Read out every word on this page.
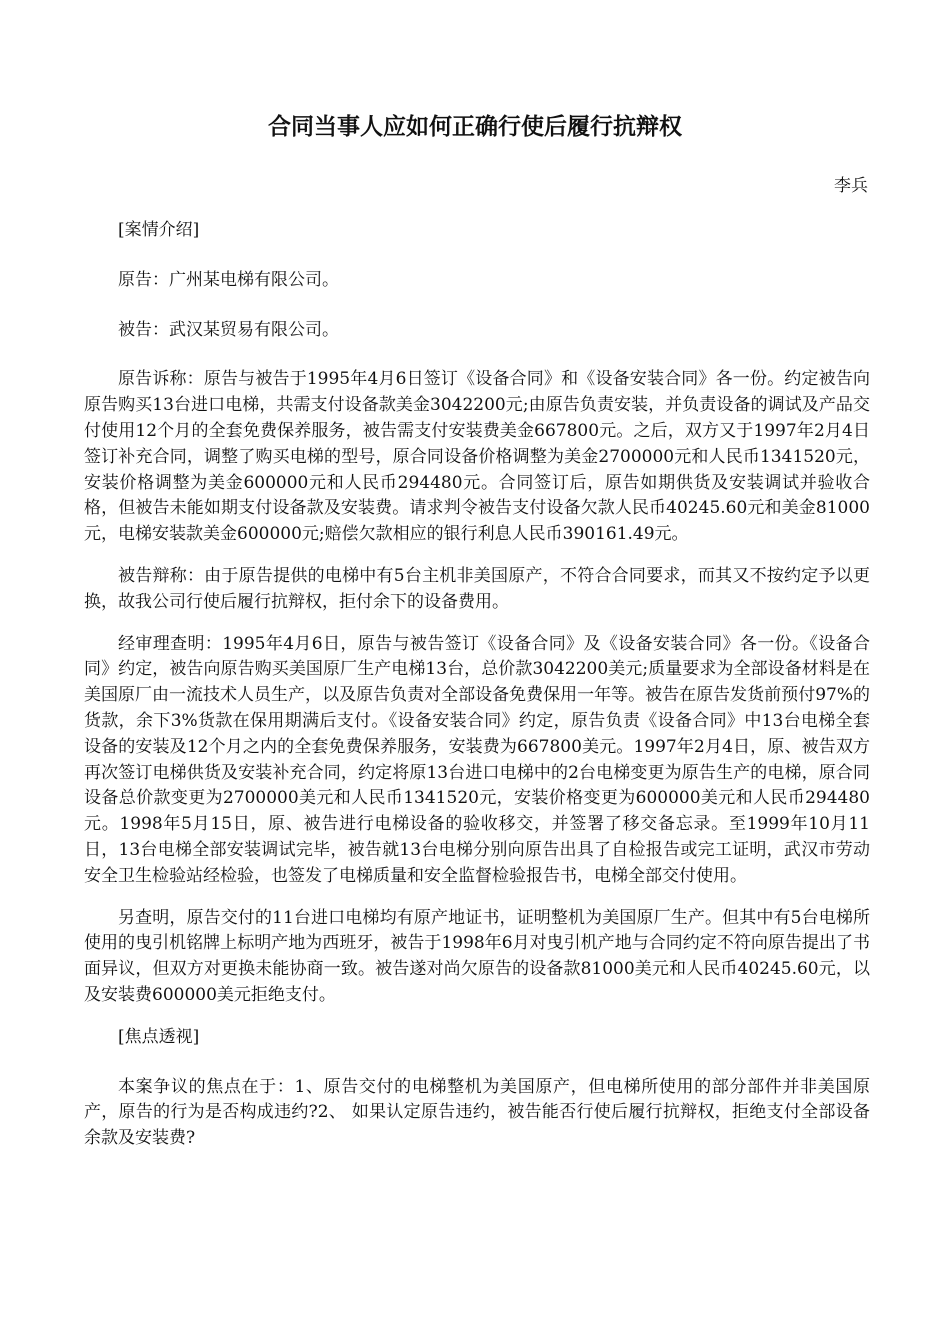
合同当事人应如何正确行使后履行抗辩权

李兵

[案情介绍]

原告：广州某电梯有限公司。

被告：武汉某贸易有限公司。

原告诉称：原告与被告于1995年4月6日签订《设备合同》和《设备安装合同》各一份。约定被告向原告购买13台进口电梯，共需支付设备款美金3042200元;由原告负责安装，并负责设备的调试及产品交付使用12个月的全套免费保养服务，被告需支付安装费美金667800元。之后，双方又于1997年2月4日签订补充合同，调整了购买电梯的型号，原合同设备价格调整为美金2700000元和人民币1341520元，安装价格调整为美金600000元和人民币294480元。合同签订后，原告如期供货及安装调试并验收合格，但被告未能如期支付设备款及安装费。请求判令被告支付设备欠款人民币40245.60元和美金81000元，电梯安装款美金600000元;赔偿欠款相应的银行利息人民币390161.49元。

被告辩称：由于原告提供的电梯中有5台主机非美国原产，不符合合同要求，而其又不按约定予以更换，故我公司行使后履行抗辩权，拒付余下的设备费用。

经审理查明：1995年4月6日，原告与被告签订《设备合同》及《设备安装合同》各一份。《设备合同》约定，被告向原告购买美国原厂生产电梯13台，总价款3042200美元;质量要求为全部设备材料是在美国原厂由一流技术人员生产，以及原告负责对全部设备免费保用一年等。被告在原告发货前预付97%的货款，余下3%货款在保用期满后支付。《设备安装合同》约定，原告负责《设备合同》中13台电梯全套设备的安装及12个月之内的全套免费保养服务，安装费为667800美元。1997年2月4日，原、被告双方再次签订电梯供货及安装补充合同，约定将原13台进口电梯中的2台电梯变更为原告生产的电梯，原合同设备总价款变更为2700000美元和人民币1341520元，安装价格变更为600000美元和人民币294480元。1998年5月15日，原、被告进行电梯设备的验收移交，并签署了移交备忘录。至1999年10月11日，13台电梯全部安装调试完毕，被告就13台电梯分别向原告出具了自检报告或完工证明，武汉市劳动安全卫生检验站经检验，也签发了电梯质量和安全监督检验报告书，电梯全部交付使用。

另查明，原告交付的11台进口电梯均有原产地证书，证明整机为美国原厂生产。但其中有5台电梯所使用的曳引机铭牌上标明产地为西班牙，被告于1998年6月对曳引机产地与合同约定不符向原告提出了书面异议，但双方对更换未能协商一致。被告遂对尚欠原告的设备款81000美元和人民币40245.60元，以及安装费600000美元拒绝支付。

[焦点透视]

本案争议的焦点在于：1、原告交付的电梯整机为美国原产，但电梯所使用的部分部件并非美国原产，原告的行为是否构成违约?2、 如果认定原告违约，被告能否行使后履行抗辩权，拒绝支付全部设备余款及安装费?
